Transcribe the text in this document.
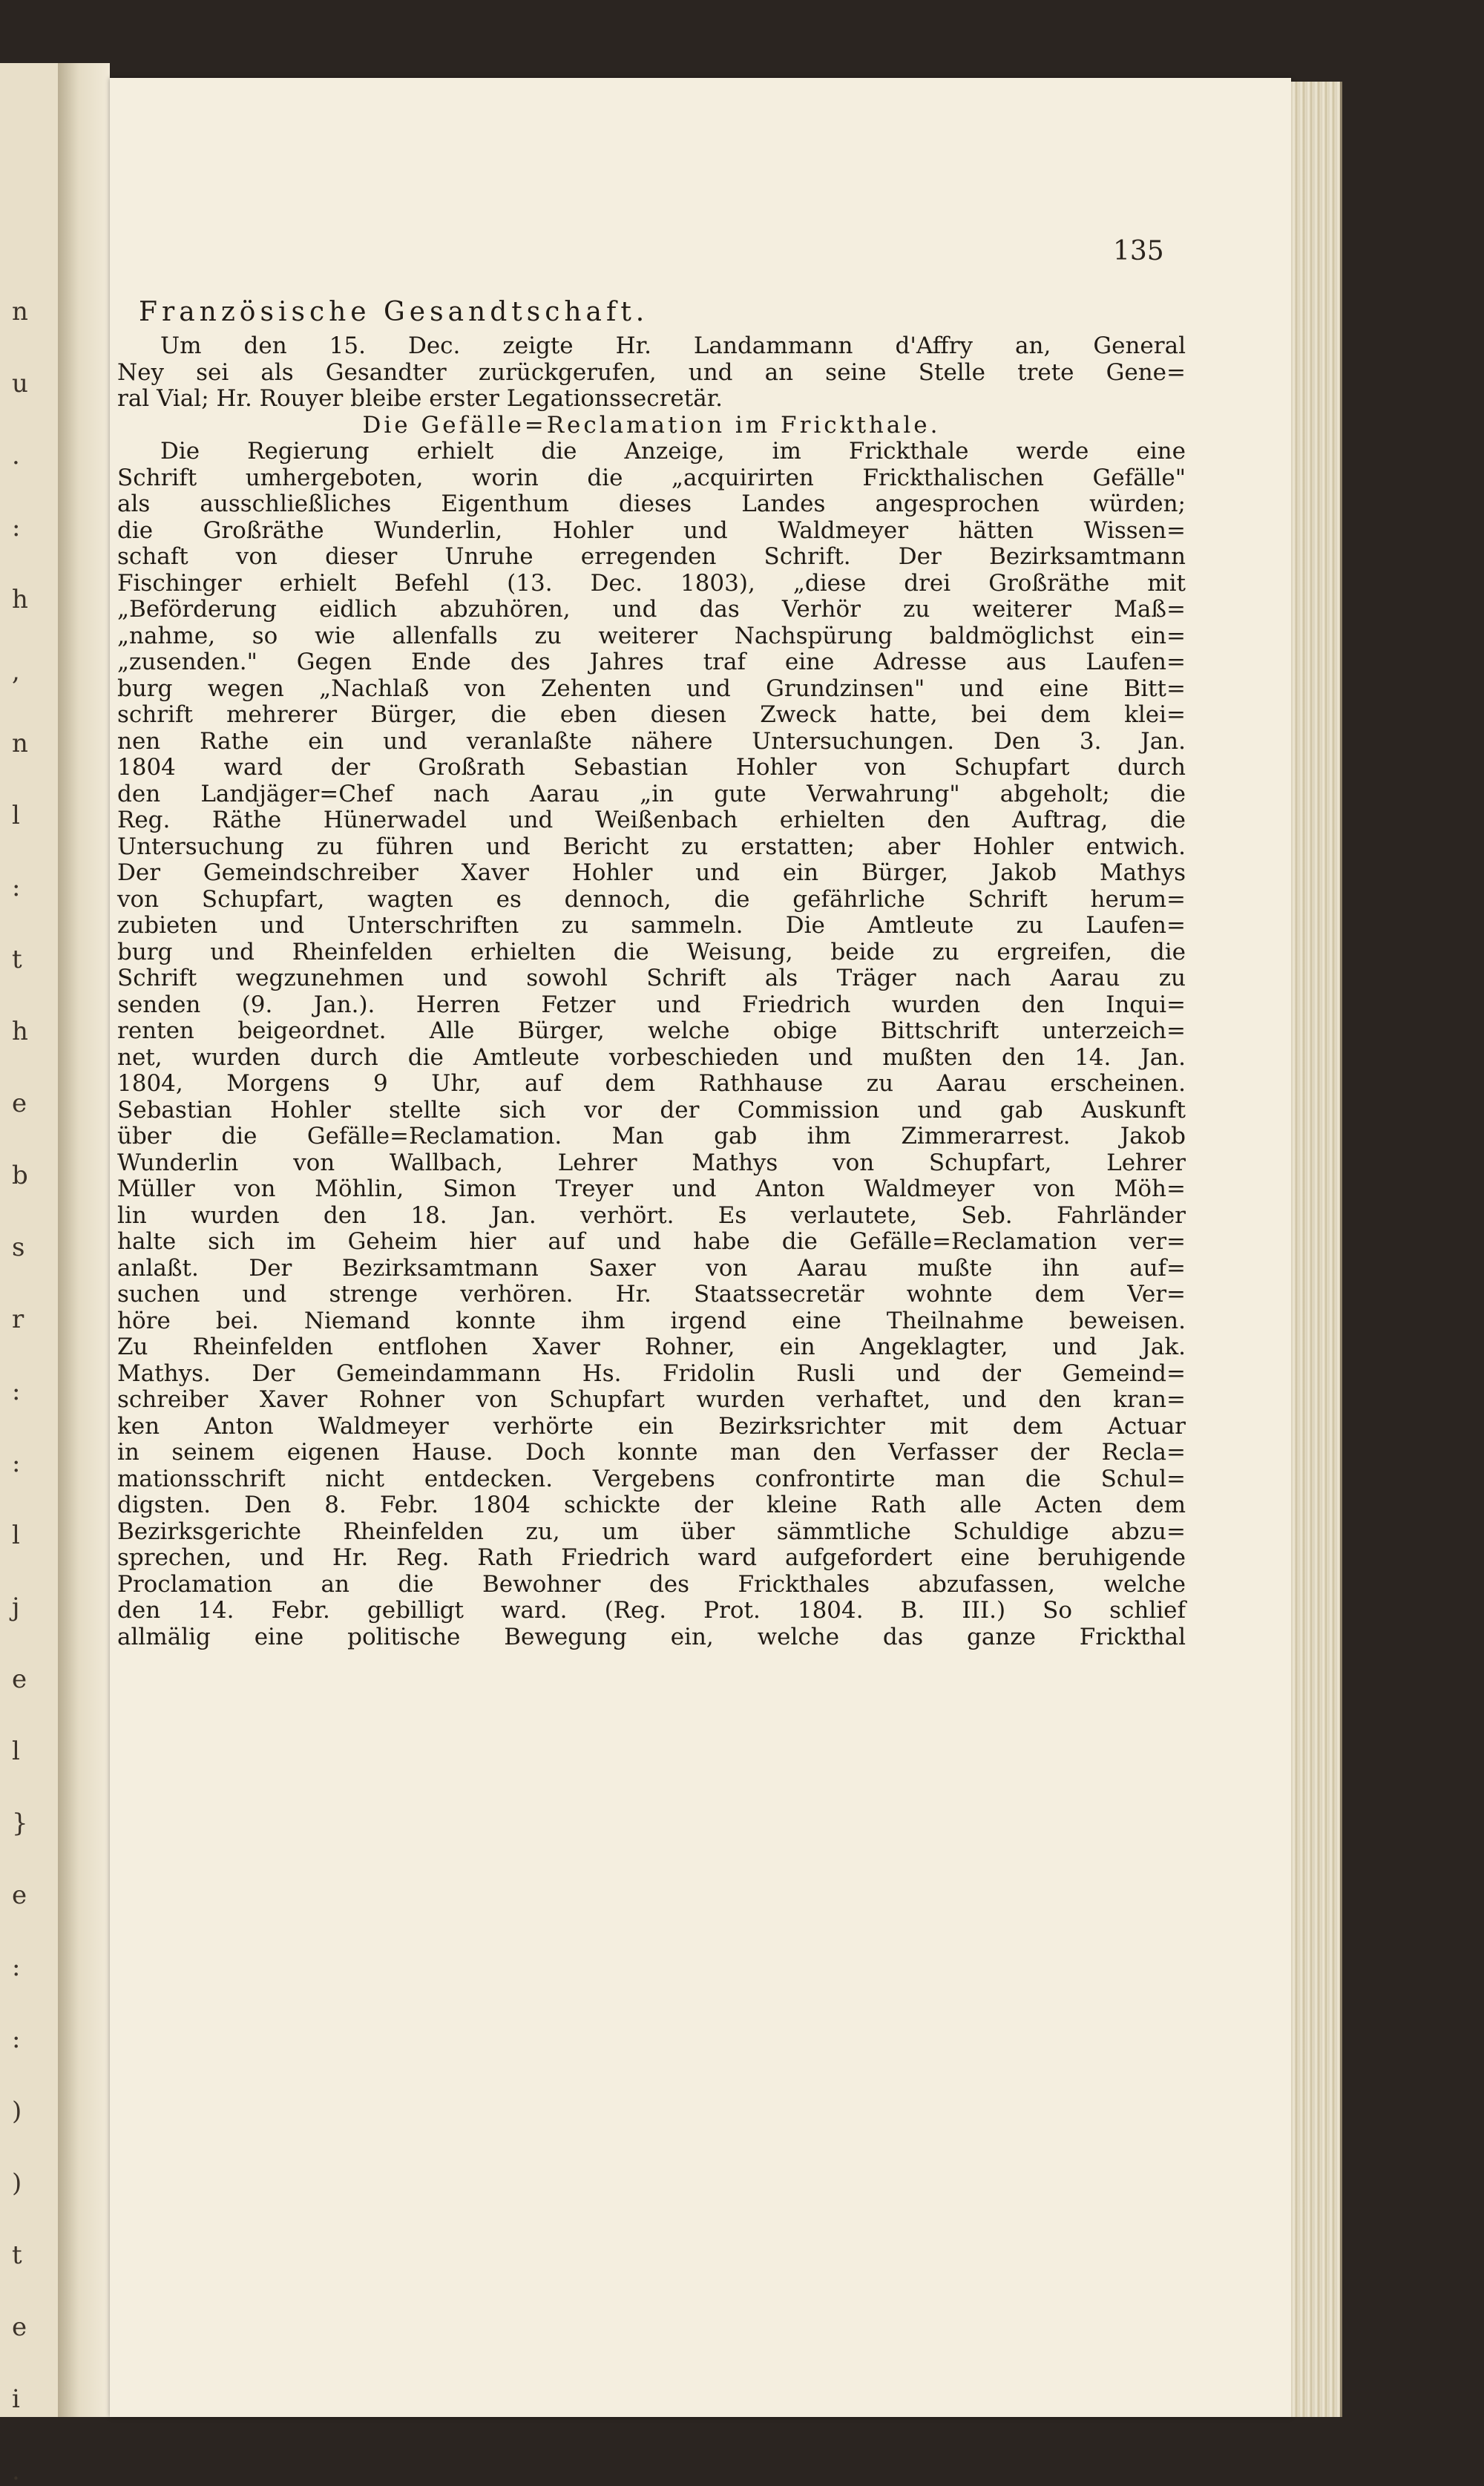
n
u
.
:
h
,
n
l
:
t
h
e
b
s
r
:
:
l
j
e
l
}
e
:
:
)
)
t
e
i
.
135
Französische Gesandtschaft.
Um den 15. Dec. zeigte Hr. Landammann d'Affry an, General
Ney sei als Gesandter zurückgerufen, und an seine Stelle trete Gene=
ral Vial; Hr. Rouyer bleibe erster Legationssecretär.
Die Gefälle=Reclamation im Frickthale.
Die Regierung erhielt die Anzeige, im Frickthale werde eine
Schrift umhergeboten, worin die „acquirirten Frickthalischen Gefälle"
als ausschließliches Eigenthum dieses Landes angesprochen würden;
die Großräthe Wunderlin, Hohler und Waldmeyer hätten Wissen=
schaft von dieser Unruhe erregenden Schrift. Der Bezirksamtmann
Fischinger erhielt Befehl (13. Dec. 1803), „diese drei Großräthe mit
„Beförderung eidlich abzuhören, und das Verhör zu weiterer Maß=
„nahme, so wie allenfalls zu weiterer Nachspürung baldmöglichst ein=
„zusenden." Gegen Ende des Jahres traf eine Adresse aus Laufen=
burg wegen „Nachlaß von Zehenten und Grundzinsen" und eine Bitt=
schrift mehrerer Bürger, die eben diesen Zweck hatte, bei dem klei=
nen Rathe ein und veranlaßte nähere Untersuchungen. Den 3. Jan.
1804 ward der Großrath Sebastian Hohler von Schupfart durch
den Landjäger=Chef nach Aarau „in gute Verwahrung" abgeholt; die
Reg. Räthe Hünerwadel und Weißenbach erhielten den Auftrag, die
Untersuchung zu führen und Bericht zu erstatten; aber Hohler entwich.
Der Gemeindschreiber Xaver Hohler und ein Bürger, Jakob Mathys
von Schupfart, wagten es dennoch, die gefährliche Schrift herum=
zubieten und Unterschriften zu sammeln. Die Amtleute zu Laufen=
burg und Rheinfelden erhielten die Weisung, beide zu ergreifen, die
Schrift wegzunehmen und sowohl Schrift als Träger nach Aarau zu
senden (9. Jan.). Herren Fetzer und Friedrich wurden den Inqui=
renten beigeordnet. Alle Bürger, welche obige Bittschrift unterzeich=
net, wurden durch die Amtleute vorbeschieden und mußten den 14. Jan.
1804, Morgens 9 Uhr, auf dem Rathhause zu Aarau erscheinen.
Sebastian Hohler stellte sich vor der Commission und gab Auskunft
über die Gefälle=Reclamation. Man gab ihm Zimmerarrest. Jakob
Wunderlin von Wallbach, Lehrer Mathys von Schupfart, Lehrer
Müller von Möhlin, Simon Treyer und Anton Waldmeyer von Möh=
lin wurden den 18. Jan. verhört. Es verlautete, Seb. Fahrländer
halte sich im Geheim hier auf und habe die Gefälle=Reclamation ver=
anlaßt. Der Bezirksamtmann Saxer von Aarau mußte ihn auf=
suchen und strenge verhören. Hr. Staatssecretär wohnte dem Ver=
höre bei. Niemand konnte ihm irgend eine Theilnahme beweisen.
Zu Rheinfelden entflohen Xaver Rohner, ein Angeklagter, und Jak.
Mathys. Der Gemeindammann Hs. Fridolin Rusli und der Gemeind=
schreiber Xaver Rohner von Schupfart wurden verhaftet, und den kran=
ken Anton Waldmeyer verhörte ein Bezirksrichter mit dem Actuar
in seinem eigenen Hause. Doch konnte man den Verfasser der Recla=
mationsschrift nicht entdecken. Vergebens confrontirte man die Schul=
digsten. Den 8. Febr. 1804 schickte der kleine Rath alle Acten dem
Bezirksgerichte Rheinfelden zu, um über sämmtliche Schuldige abzu=
sprechen, und Hr. Reg. Rath Friedrich ward aufgefordert eine beruhigende
Proclamation an die Bewohner des Frickthales abzufassen, welche
den 14. Febr. gebilligt ward. (Reg. Prot. 1804. B. III.) So schlief
allmälig eine politische Bewegung ein, welche das ganze Frickthal
